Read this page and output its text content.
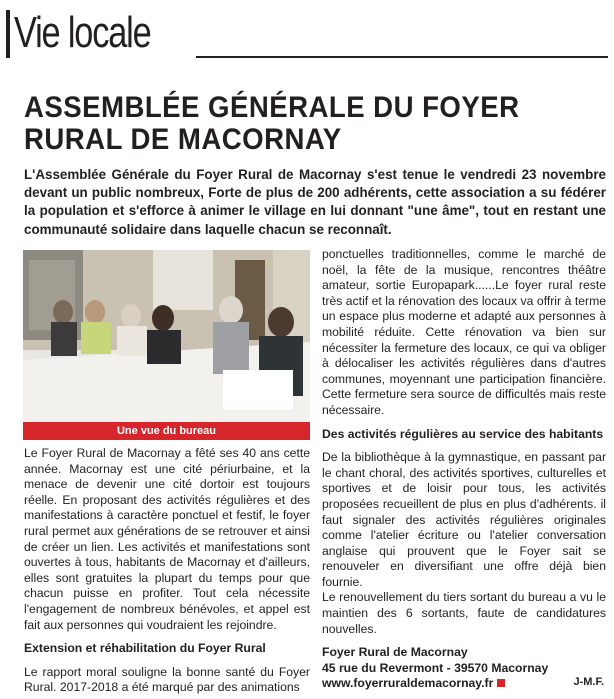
Vie locale
ASSEMBLÉE GÉNÉRALE DU FOYER RURAL DE MACORNAY

L'Assemblée Générale du Foyer Rural de Macornay s'est tenue le vendredi 23 novembre devant un public nombreux, Forte de plus de 200 adhérents, cette association a su fédérer la population et s'efforce à animer le village en lui donnant "une âme", tout en restant une communauté solidaire dans laquelle chacun se reconnaît.

Une vue du bureau

Le Foyer Rural de Macornay a fêté ses 40 ans cette année. Macornay est une cité périurbaine, et la menace de devenir une cité dortoir est toujours réelle. En proposant des activités régulières et des manifestations à caractère ponctuel et festif, le foyer rural permet aux générations de se retrouver et ainsi de créer un lien. Les activités et manifestations sont ouvertes à tous, habitants de Macornay et d'ailleurs, elles sont gratuites la plupart du temps pour que chacun puisse en profiter. Tout cela nécessite l'engagement de nombreux bénévoles, et appel est fait aux personnes qui voudraient les rejoindre.

Extension et réhabilitation du Foyer Rural

Le rapport moral souligne la bonne santé du Foyer Rural. 2017-2018 a été marqué par des animations

ponctuelles traditionnelles, comme le marché de noël, la fête de la musique, rencontres théâtre amateur, sortie Europapark......Le foyer rural reste très actif et la rénovation des locaux va offrir à terme un espace plus moderne et adapté aux personnes à mobilité réduite. Cette rénovation va bien sur nécessiter la fermeture des locaux, ce qui va obliger à délocaliser les activités régulières dans d'autres communes, moyennant une participation financière. Cette fermeture sera source de difficultés mais reste nécessaire.

Des activités régulières au service des habitants

De la bibliothèque à la gymnastique, en passant par le chant choral, des activités sportives, culturelles et sportives et de loisir pour tous, les activités proposées recueillent de plus en plus d'adhérents. il faut signaler des activités régulières originales comme l'atelier écriture ou l'atelier conversation anglaise qui prouvent que le Foyer sait se renouveler en diversifiant une offre déjà bien fournie.

Le renouvellement du tiers sortant du bureau a vu le maintien des 6 sortants, faute de candidatures nouvelles.

Foyer Rural de Macornay

45 rue du Revermont - 39570 Macornay

www.foyerruraldemacornay.fr	J-M.F.
